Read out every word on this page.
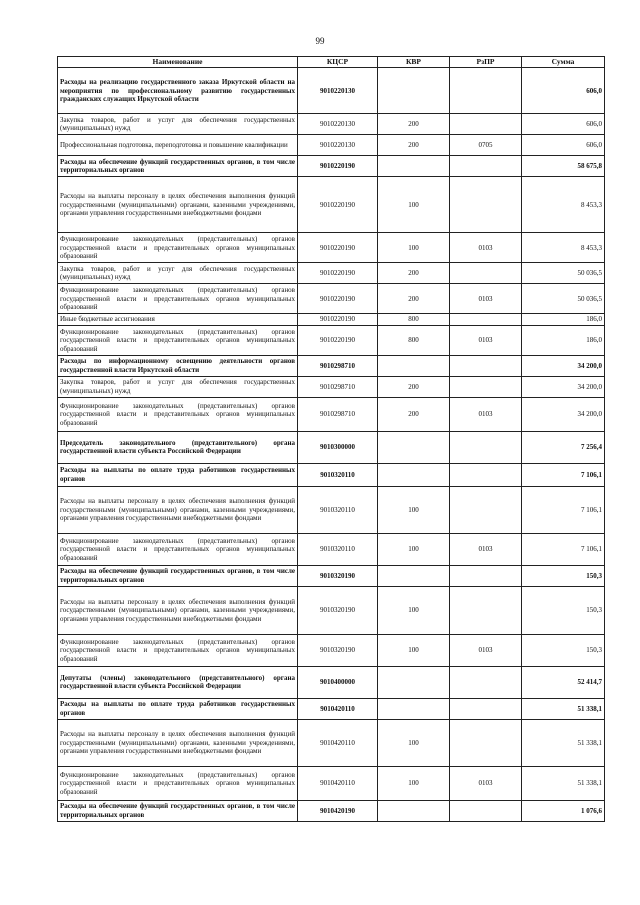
99
Наименование	КЦСР	КВР	РзПР	Сумма
Расходы на реализацию государственного заказа Иркутской области на мероприятия по профессиональному развитию государственных гражданских служащих Иркутской области	9010220130			606,0
Закупка товаров, работ и услуг для обеспечения государственных (муниципальных) нужд	9010220130	200		606,0
Профессиональная подготовка, переподготовка и повышение квалификации	9010220130	200	0705	606,0
Расходы на обеспечение функций государственных органов, в том числе территориальных органов	9010220190			58 675,8
Расходы на выплаты персоналу в целях обеспечения выполнения функций государственными (муниципальными) органами, казенными учреждениями, органами управления государственными внебюджетными фондами	9010220190	100		8 453,3
Функционирование законодательных (представительных) органов государственной власти и представительных органов муниципальных образований	9010220190	100	0103	8 453,3
Закупка товаров, работ и услуг для обеспечения государственных (муниципальных) нужд	9010220190	200		50 036,5
Функционирование законодательных (представительных) органов государственной власти и представительных органов муниципальных образований	9010220190	200	0103	50 036,5
Иные бюджетные ассигнования	9010220190	800		186,0
Функционирование законодательных (представительных) органов государственной власти и представительных органов муниципальных образований	9010220190	800	0103	186,0
Расходы по информационному освещению деятельности органов государственной власти Иркутской области	9010298710			34 200,0
Закупка товаров, работ и услуг для обеспечения государственных (муниципальных) нужд	9010298710	200		34 200,0
Функционирование законодательных (представительных) органов государственной власти и представительных органов муниципальных образований	9010298710	200	0103	34 200,0
Председатель законодательного (представительного) органа государственной власти субъекта Российской Федерации	9010300000			7 256,4
Расходы на выплаты по оплате труда работников государственных органов	9010320110			7 106,1
Расходы на выплаты персоналу в целях обеспечения выполнения функций государственными (муниципальными) органами, казенными учреждениями, органами управления государственными внебюджетными фондами	9010320110	100		7 106,1
Функционирование законодательных (представительных) органов государственной власти и представительных органов муниципальных образований	9010320110	100	0103	7 106,1
Расходы на обеспечение функций государственных органов, в том числе территориальных органов	9010320190			150,3
Расходы на выплаты персоналу в целях обеспечения выполнения функций государственными (муниципальными) органами, казенными учреждениями, органами управления государственными внебюджетными фондами	9010320190	100		150,3
Функционирование законодательных (представительных) органов государственной власти и представительных органов муниципальных образований	9010320190	100	0103	150,3
Депутаты (члены) законодательного (представительного) органа государственной власти субъекта Российской Федерации	9010400000			52 414,7
Расходы на выплаты по оплате труда работников государственных органов	9010420110			51 338,1
Расходы на выплаты персоналу в целях обеспечения выполнения функций государственными (муниципальными) органами, казенными учреждениями, органами управления государственными внебюджетными фондами	9010420110	100		51 338,1
Функционирование законодательных (представительных) органов государственной власти и представительных органов муниципальных образований	9010420110	100	0103	51 338,1
Расходы на обеспечение функций государственных органов, в том числе территориальных органов	9010420190			1 076,6
